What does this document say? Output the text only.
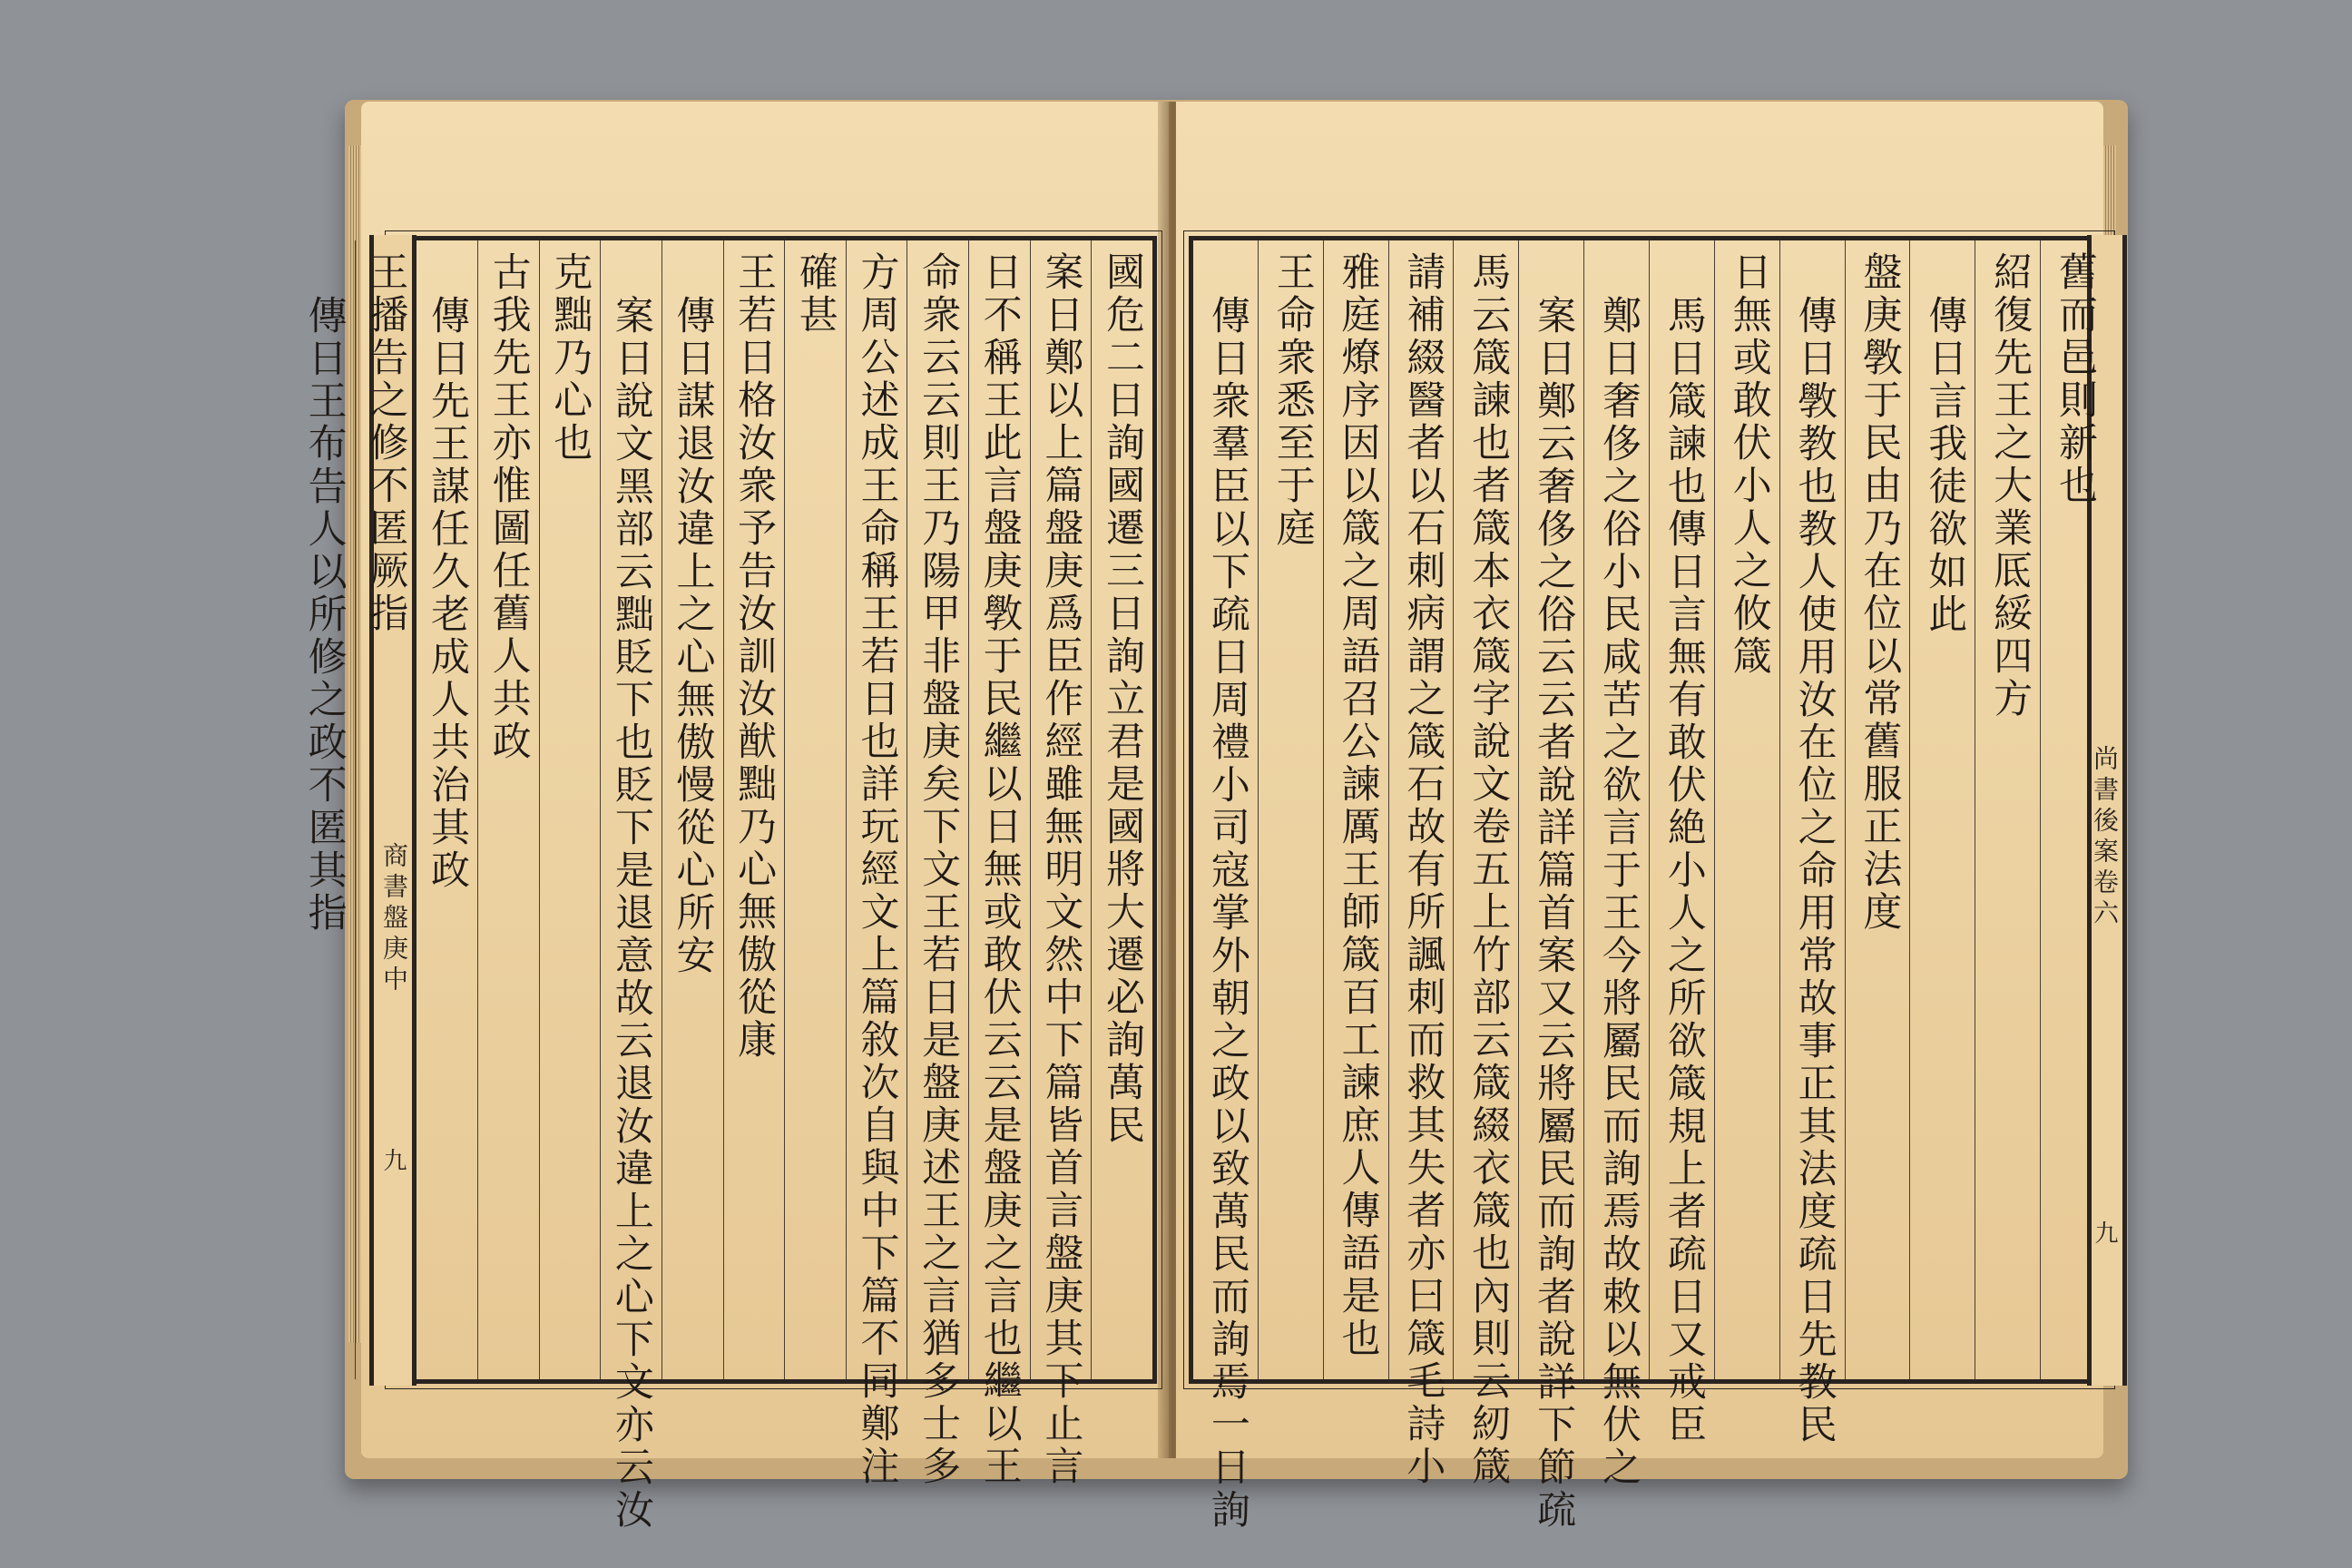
商書盤庚中
九
國危二日詢國遷三日詢立君是國將大遷必詢萬民
案日鄭以上篇盤庚爲臣作經雖無明文然中下篇皆首言盤庚其下止言
日不稱王此言盤庚斆于民繼以日無或敢伏云云是盤庚之言也繼以王
命衆云云則王乃陽甲非盤庚矣下文王若日是盤庚述王之言猶多士多
方周公述成王命稱王若日也詳玩經文上篇敘次自與中下篇不同鄭注
確甚
王若日格汝衆予告汝訓汝猷黜乃心無傲從康
傳日謀退汝違上之心無傲慢從心所安
案日說文黑部云黜貶下也貶下是退意故云退汝違上之心下文亦云汝
克黜乃心也
古我先王亦惟圖任舊人共政
傳日先王謀任久老成人共治其政
王播告之修不匿厥指
傳日王布告人以所修之政不匿其指	尚書後案卷六
九
舊而邑則新也
紹復先王之大業厎綏四方
傳日言我徒欲如此
盤庚斆于民由乃在位以常舊服正法度
傳日斆教也教人使用汝在位之命用常故事正其法度疏日先教民
日無或敢伏小人之攸箴
馬日箴諫也傳日言無有敢伏絶小人之所欲箴規上者疏日又戒臣
鄭日奢侈之俗小民咸苦之欲言于王今將屬民而詢焉故敕以無伏之
案日鄭云奢侈之俗云云者說詳篇首案又云將屬民而詢者說詳下節疏
馬云箴諫也者箴本衣箴字說文卷五上竹部云箴綴衣箴也內則云紉箴
請補綴醫者以石刺病謂之箴石故有所諷刺而救其失者亦曰箴毛詩小
雅庭燎序因以箴之周語召公諫厲王師箴百工諫庶人傳語是也
王命衆悉至于庭
傳日衆羣臣以下疏日周禮小司寇掌外朝之政以致萬民而詢焉一日詢
